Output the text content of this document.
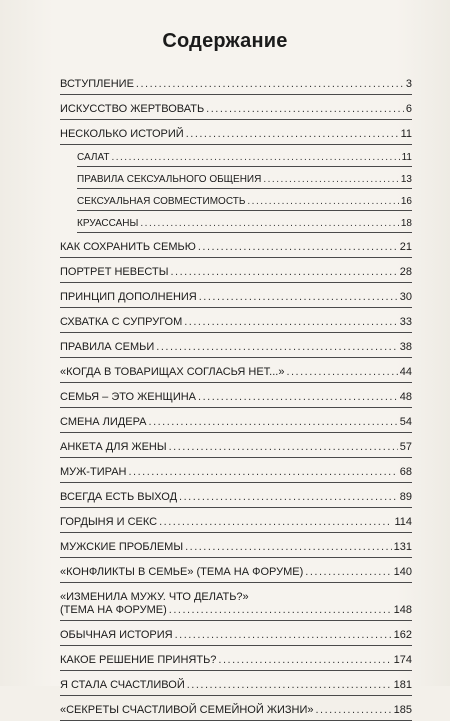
Содержание
ВСТУПЛЕНИЕ .....	3
ИСКУССТВО ЖЕРТВОВАТЬ .....	6
НЕСКОЛЬКО ИСТОРИЙ .....	11
САЛАТ .....	11
ПРАВИЛА СЕКСУАЛЬНОГО ОБЩЕНИЯ .....	13
СЕКСУАЛЬНАЯ СОВМЕСТИМОСТЬ .....	16
КРУАССАНЫ .....	18
КАК СОХРАНИТЬ СЕМЬЮ .....	21
ПОРТРЕТ НЕВЕСТЫ .....	28
ПРИНЦИП ДОПОЛНЕНИЯ .....	30
СХВАТКА С СУПРУГОМ .....	33
ПРАВИЛА СЕМЬИ .....	38
«КОГДА В ТОВАРИЩАХ СОГЛАСЬЯ НЕТ...» .....	44
СЕМЬЯ – ЭТО ЖЕНЩИНА .....	48
СМЕНА ЛИДЕРА .....	54
АНКЕТА ДЛЯ ЖЕНЫ .....	57
МУЖ-ТИРАН .....	68
ВСЕГДА ЕСТЬ ВЫХОД .....	89
ГОРДЫНЯ И СЕКС .....	114
МУЖСКИЕ ПРОБЛЕМЫ .....	131
«КОНФЛИКТЫ В СЕМЬЕ» (ТЕМА НА ФОРУМЕ) .....	140
«ИЗМЕНИЛА МУЖУ. ЧТО ДЕЛАТЬ?»
(ТЕМА НА ФОРУМЕ) .....	148
ОБЫЧНАЯ ИСТОРИЯ .....	162
КАКОЕ РЕШЕНИЕ ПРИНЯТЬ? .....	174
Я СТАЛА СЧАСТЛИВОЙ .....	181
«СЕКРЕТЫ СЧАСТЛИВОЙ СЕМЕЙНОЙ ЖИЗНИ» .....	185
